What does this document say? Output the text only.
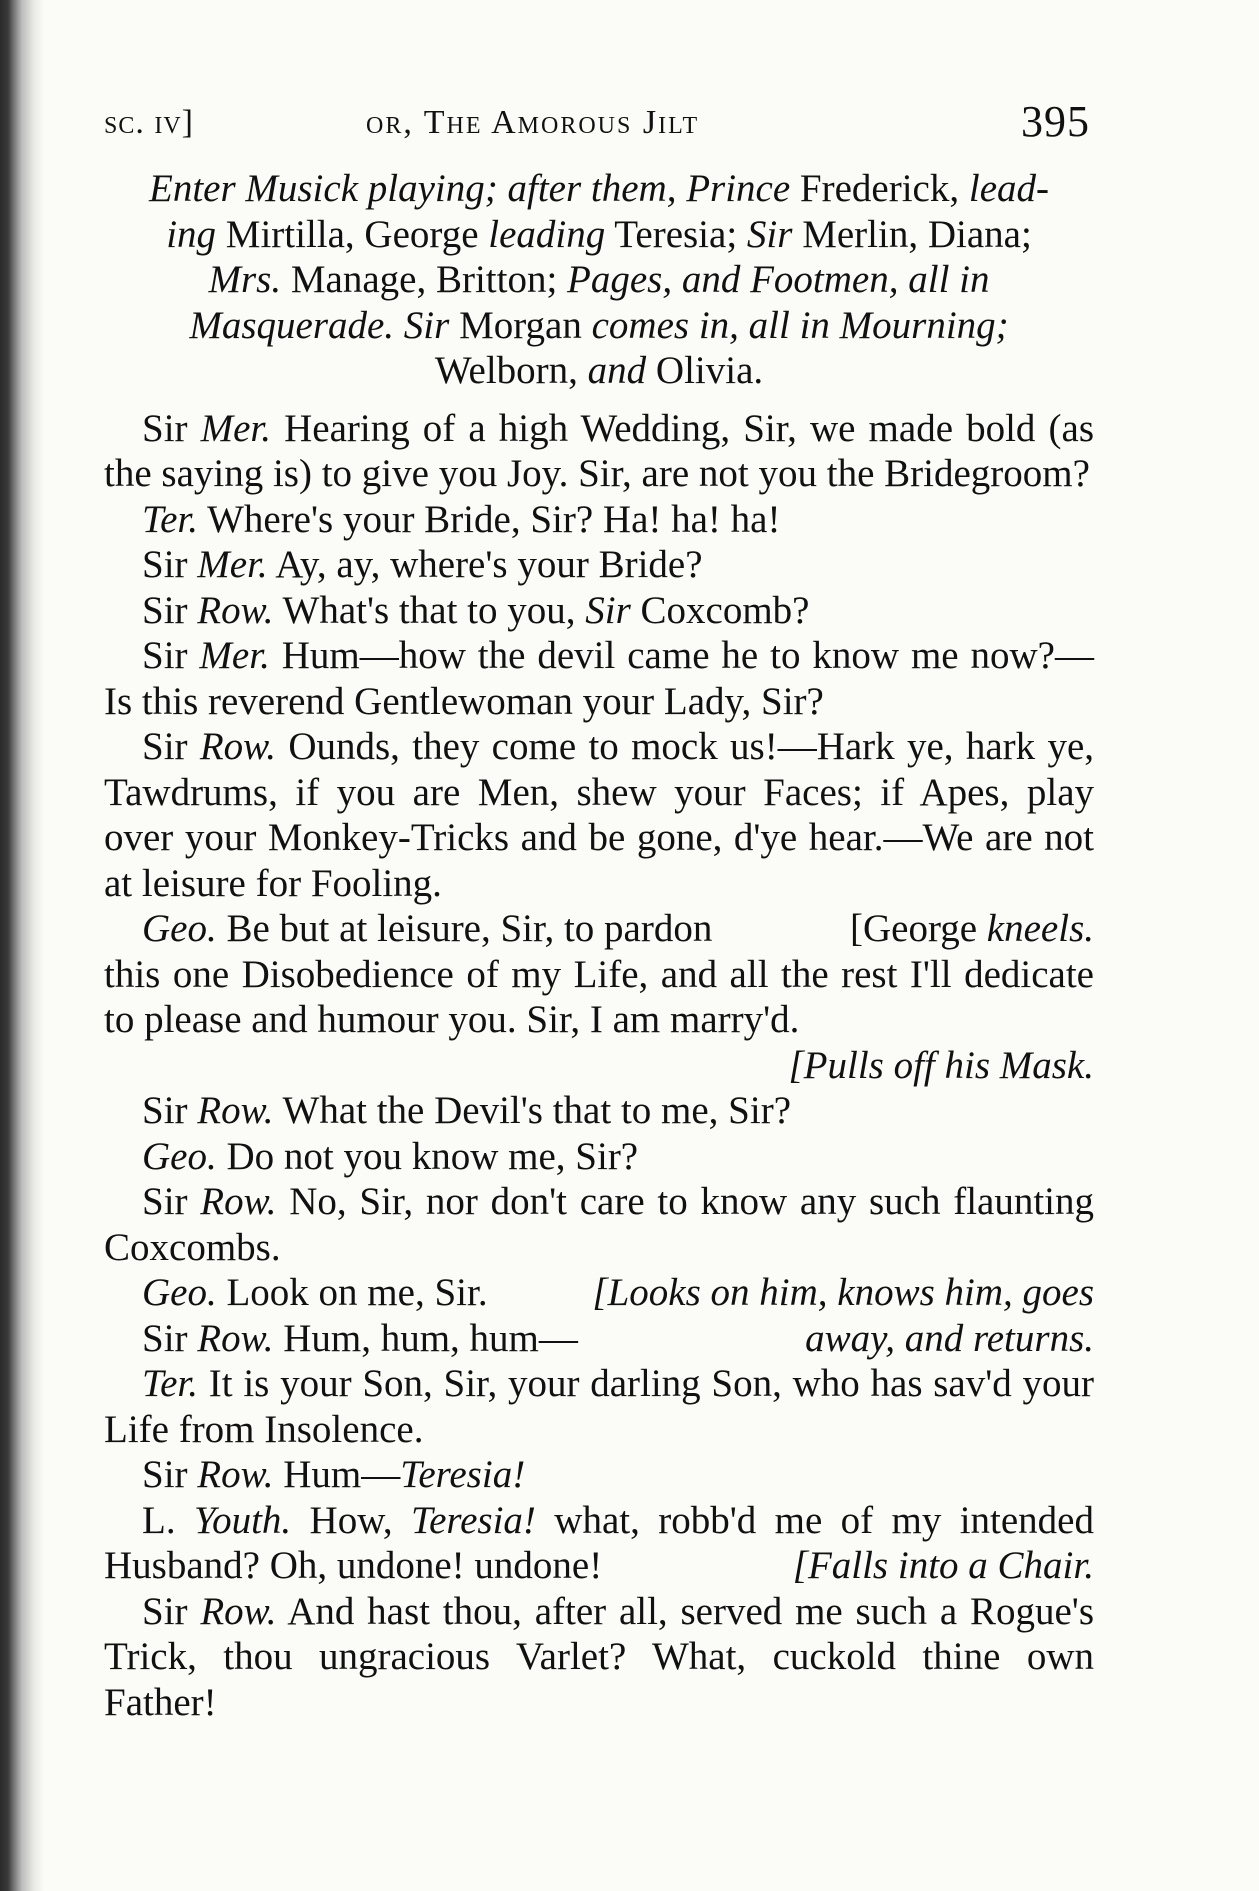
sc. iv]	or, The Amorous Jilt	395
Enter Musick playing; after them, Prince Frederick, lead-
ing Mirtilla, George leading Teresia; Sir Merlin, Diana;
Mrs. Manage, Britton; Pages, and Footmen, all in
Masquerade. Sir Morgan comes in, all in Mourning;
Welborn, and Olivia.

Sir Mer. Hearing of a high Wedding, Sir, we made bold (as the saying is) to give you Joy. Sir, are not you the Bridegroom?

Ter. Where's your Bride, Sir? Ha! ha! ha!

Sir Mer. Ay, ay, where's your Bride?

Sir Row. What's that to you, Sir Coxcomb?

Sir Mer. Hum—how the devil came he to know me now?—Is this reverend Gentlewoman your Lady, Sir?

Sir Row. Ounds, they come to mock us!—Hark ye, hark ye, Tawdrums, if you are Men, shew your Faces; if Apes, play over your Monkey-Tricks and be gone, d'ye hear.—We are not at leisure for Fooling.

Geo. Be but at leisure, Sir, to pardon	[George kneels.

this one Disobedience of my Life, and all the rest I'll dedicate to please and humour you. Sir, I am marry'd.

[Pulls off his Mask.

Sir Row. What the Devil's that to me, Sir?

Geo. Do not you know me, Sir?

Sir Row. No, Sir, nor don't care to know any such flaunting Coxcombs.

Geo. Look on me, Sir.	[Looks on him, knows him, goes

Sir Row. Hum, hum, hum—	away, and returns.

Ter. It is your Son, Sir, your darling Son, who has sav'd your Life from Insolence.

Sir Row. Hum—Teresia!

L. Youth. How, Teresia! what, robb'd me of my intended Husband? Oh, undone! undone!	[Falls into a Chair.

Sir Row. And hast thou, after all, served me such a Rogue's Trick, thou ungracious Varlet? What, cuckold thine own Father!
